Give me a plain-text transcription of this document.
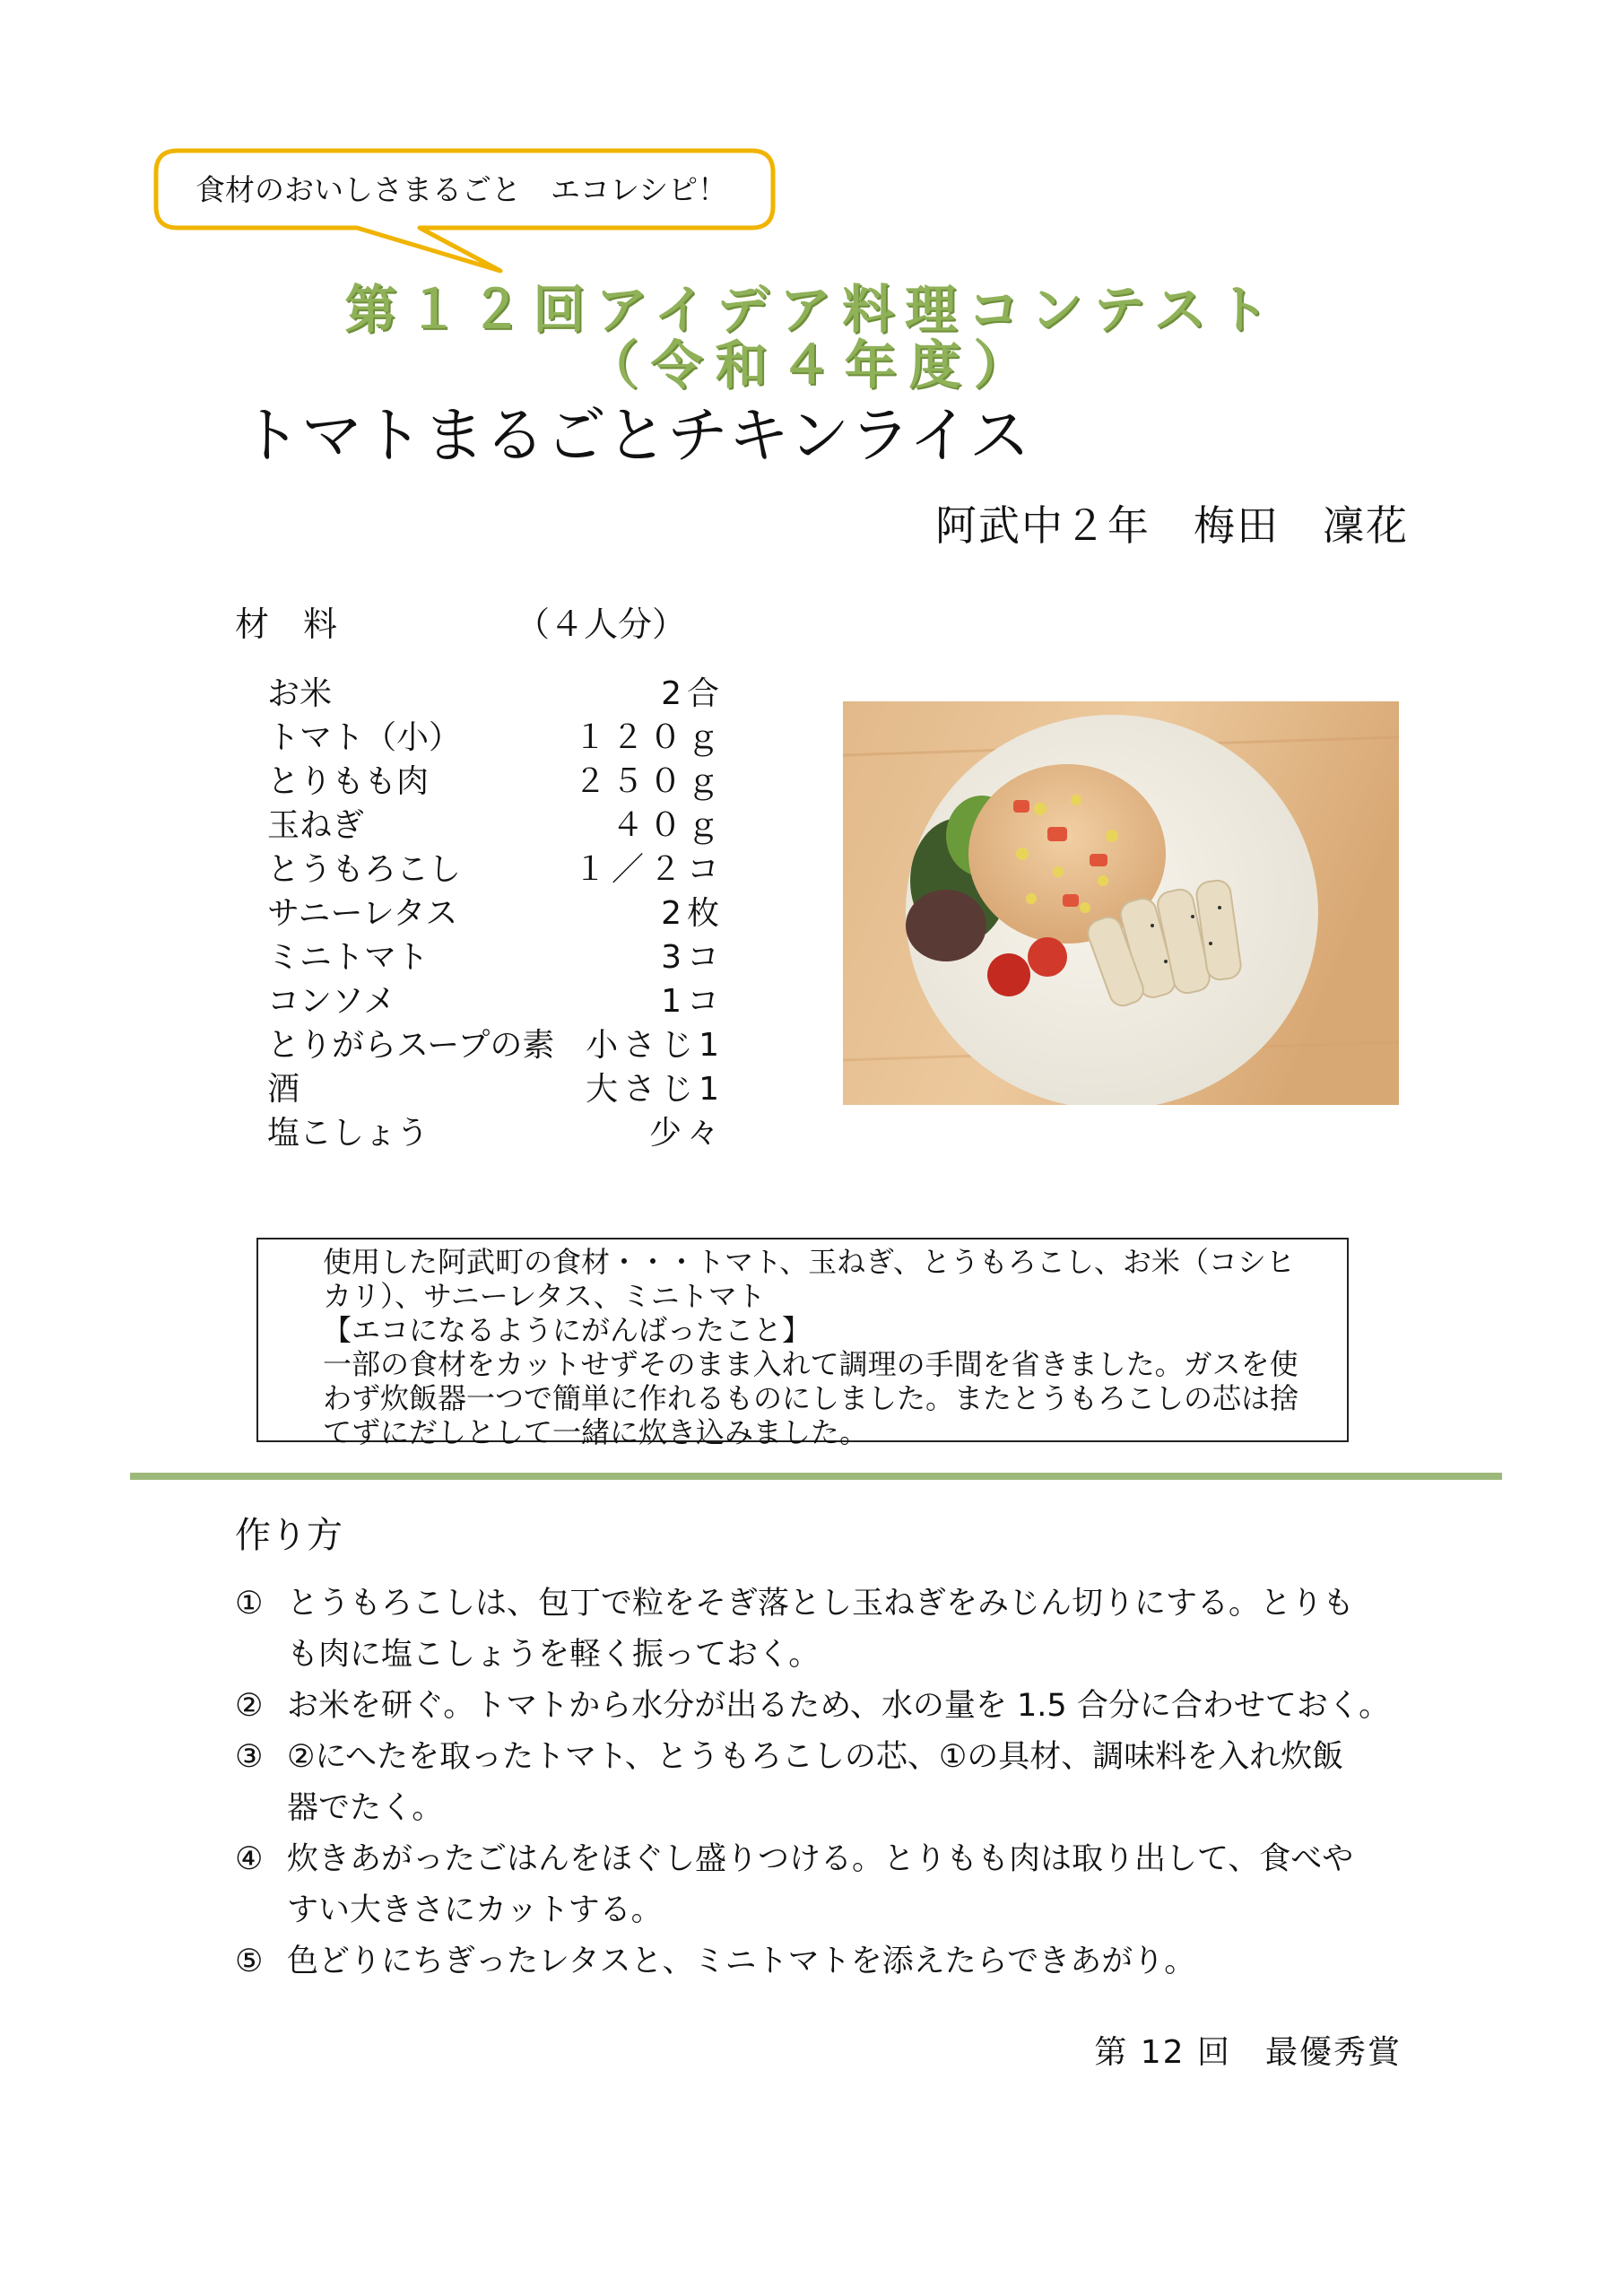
食材のおいしさまるごと　エコレシピ！
第１２回アイデア料理コンテスト
（令和４年度）
トマトまるごとチキンライス
阿武中２年　梅田　凜花
材　料	（４人分）
お米	2合
トマト（小）	１２０ｇ
とりもも肉	２５０ｇ
玉ねぎ	４０ｇ
とうもろこし	１／２コ
サニーレタス	2枚
ミニトマト	3コ
コンソメ	1コ
とりがらスープの素 小さじ1
酒	大さじ1
塩こしょう	少々
使用した阿武町の食材・・・トマト、玉ねぎ、とうもろこし、お米（コシヒ
カリ）、サニーレタス、ミニトマト
【エコになるようにがんばったこと】
一部の食材をカットせずそのまま入れて調理の手間を省きました。ガスを使
わず炊飯器一つで簡単に作れるものにしました。またとうもろこしの芯は捨
てずにだしとして一緒に炊き込みました。
作り方
① とうもろこしは、包丁で粒をそぎ落とし玉ねぎをみじん切りにする。とりも
も肉に塩こしょうを軽く振っておく。
② お米を研ぐ。トマトから水分が出るため、水の量を 1.5 合分に合わせておく。
③ ②にへたを取ったトマト、とうもろこしの芯、①の具材、調味料を入れ炊飯
器でたく。
④ 炊きあがったごはんをほぐし盛りつける。とりもも肉は取り出して、食べや
すい大きさにカットする。
⑤ 色どりにちぎったレタスと、ミニトマトを添えたらできあがり。
第 12 回　最優秀賞
